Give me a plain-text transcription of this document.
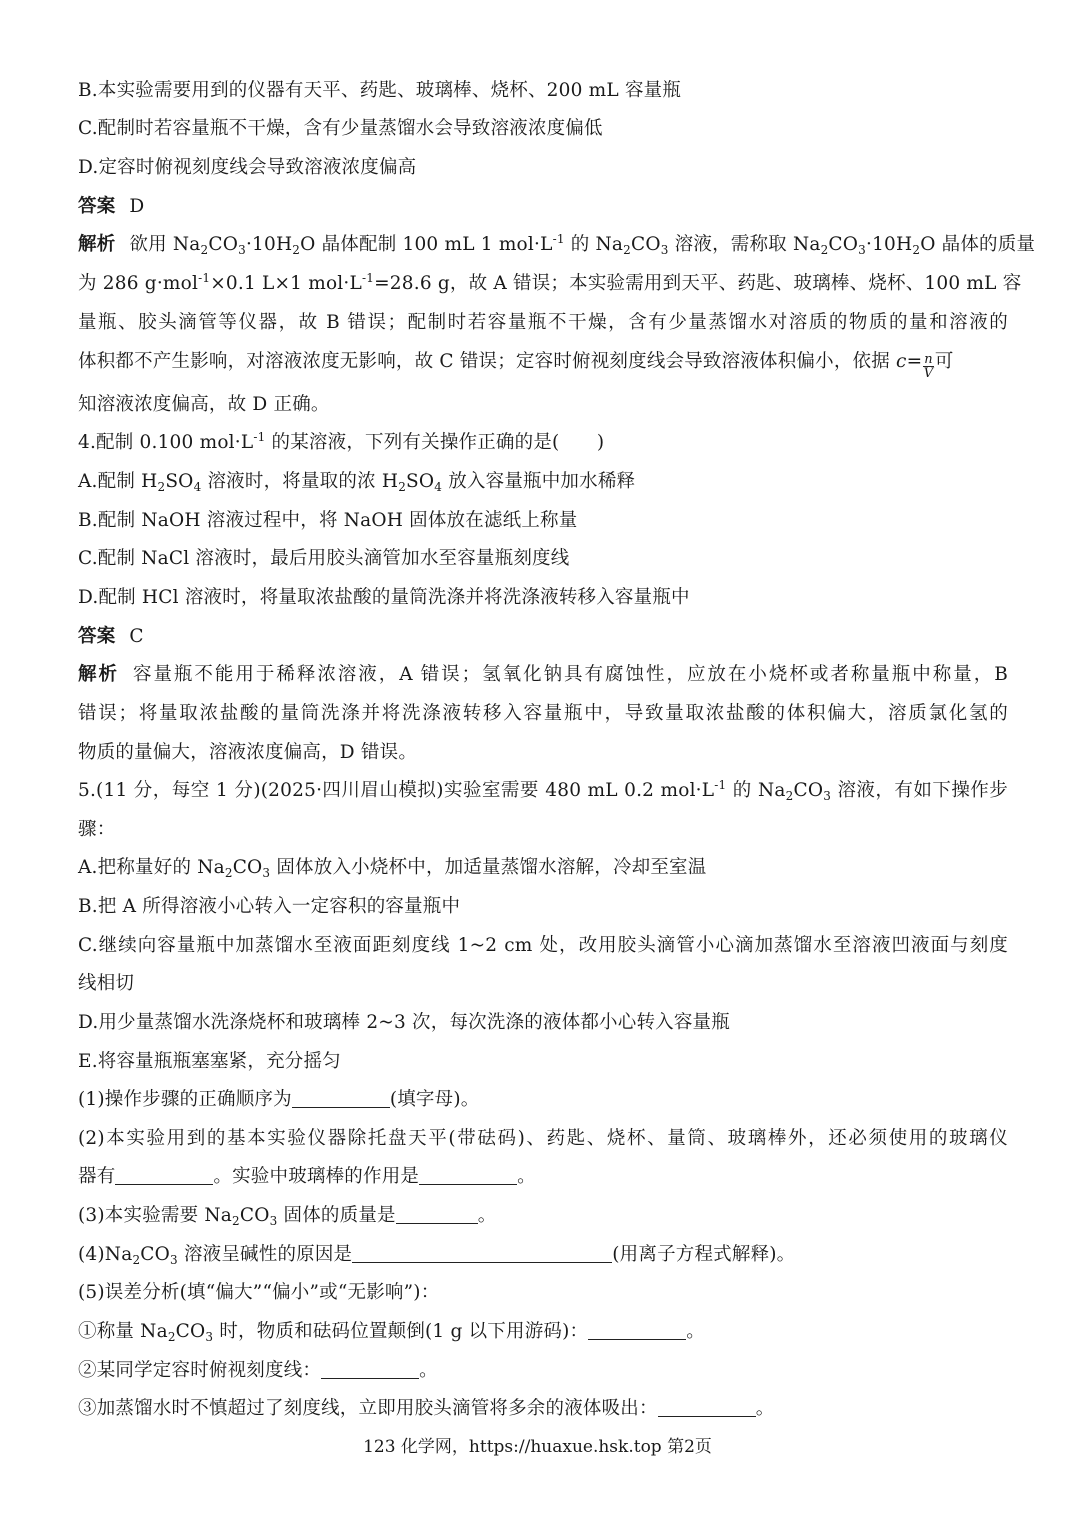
B.本实验需要用到的仪器有天平、药匙、玻璃棒、烧杯、200 mL 容量瓶
C.配制时若容量瓶不干燥，含有少量蒸馏水会导致溶液浓度偏低
D.定容时俯视刻度线会导致溶液浓度偏高
答案 D
解析 欲用 $Na_2CO_3\cdot 10H_2O$ 晶体配制 100 mL 1 $mol\cdot L^{-1}$ 的 $Na_2CO_3$ 溶液，需称取 $Na_2CO_3\cdot 10H_2O$ 晶体的质量
为 286 g·mol$^{-1}$×0.1 L×1 $mol\cdot L^{-1}=28.6$ g，故 A 错误；本实验需用到天平、药匙、玻璃棒、烧杯、100 mL 容
量瓶、胶头滴管等仪器，故 B 错误；配制时若容量瓶不干燥，含有少量蒸馏水对溶质的物质的量和溶液的
体积都不产生影响，对溶液浓度无影响，故 C 错误；定容时俯视刻度线会导致溶液体积偏小，依据 $c= \frac{n}{V}$ 可
知溶液浓度偏高，故 D 正确。
4.配制 0.100 $mol\cdot L^{-1}$ 的某溶液，下列有关操作正确的是(　　)
A.配制 $H_2SO_4$ 溶液时，将量取的浓 $H_2SO_4$ 放入容量瓶中加水稀释
B.配制 NaOH 溶液过程中，将 NaOH 固体放在滤纸上称量
C.配制 NaCl 溶液时，最后用胶头滴管加水至容量瓶刻度线
D.配制 HCl 溶液时，将量取浓盐酸的量筒洗涤并将洗涤液转移入容量瓶中
答案 C
解析 容量瓶不能用于稀释浓溶液，A 错误；氢氧化钠具有腐蚀性，应放在小烧杯或者称量瓶中称量，B
错误；将量取浓盐酸的量筒洗涤并将洗涤液转移入容量瓶中，导致量取浓盐酸的体积偏大，溶质氯化氢的
物质的量偏大，溶液浓度偏高，D 错误。
5.(11 分，每空 1 分)(2025·四川眉山模拟)实验室需要 480 mL 0.2 $mol\cdot L^{-1}$ 的 $Na_2CO_3$ 溶液，有如下操作步
骤：
A.把称量好的 $Na_2CO_3$ 固体放入小烧杯中，加适量蒸馏水溶解，冷却至室温
B.把 A 所得溶液小心转入一定容积的容量瓶中
C.继续向容量瓶中加蒸馏水至液面距刻度线 1~2 cm 处，改用胶头滴管小心滴加蒸馏水至溶液凹液面与刻度
线相切
D.用少量蒸馏水洗涤烧杯和玻璃棒 2~3 次，每次洗涤的液体都小心转入容量瓶
E.将容量瓶瓶塞塞紧，充分摇匀
(1)操作步骤的正确顺序为	(填字母)。
(2)本实验用到的基本实验仪器除托盘天平(带砝码)、药匙、烧杯、量筒、玻璃棒外，还必须使用的玻璃仪
器有	。实验中玻璃棒的作用是	。
(3)本实验需要 $Na_2CO_3$ 固体的质量是	。
$(4)Na_2CO_3$ 溶液呈碱性的原因是	(用离子方程式解释)。
(5)误差分析(填“偏大”“偏小”或“无影响”)：
①称量 $Na_2CO_3$ 时，物质和砝码位置颠倒(1 g 以下用游码)：	。
②某同学定容时俯视刻度线：	。
③加蒸馏水时不慎超过了刻度线，立即用胶头滴管将多余的液体吸出：	。
123 化学网，https://huaxue.hsk.top 第2页
